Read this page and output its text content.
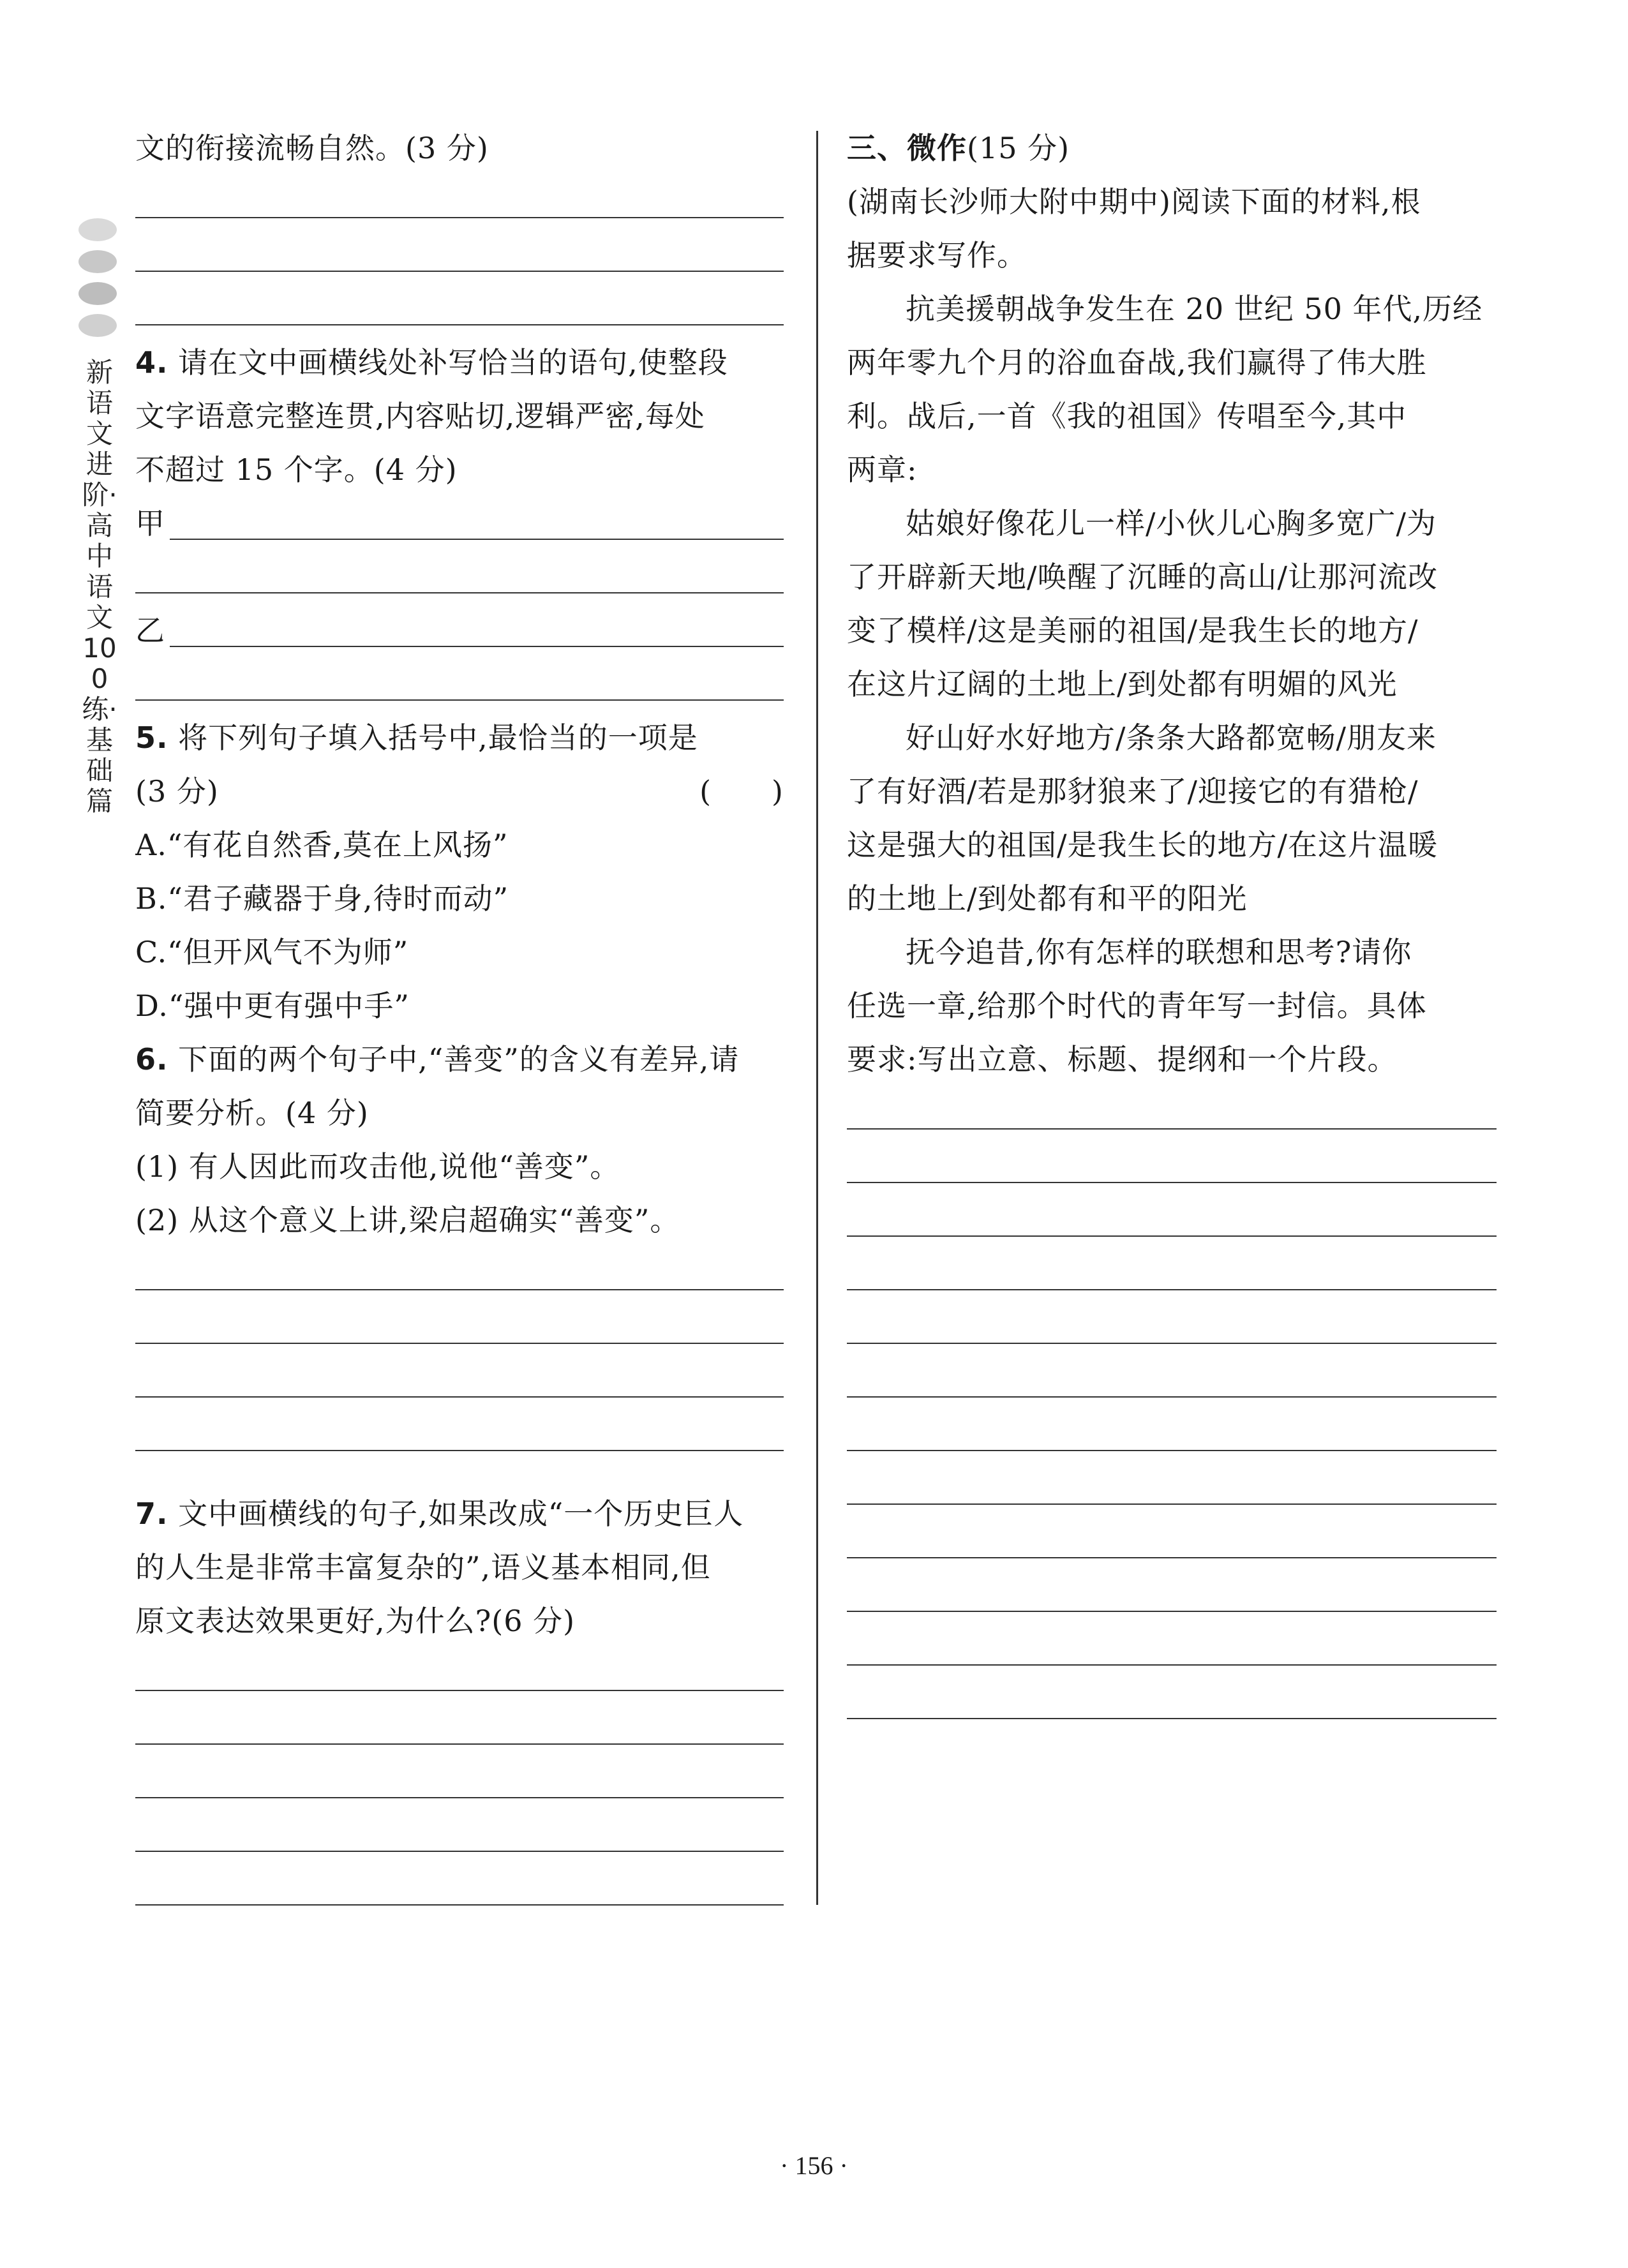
新语文进阶·高中语文100练·基础篇
文的衔接流畅自然。(3 分)
4. 请在文中画横线处补写恰当的语句,使整段
文字语意完整连贯,内容贴切,逻辑严密,每处
不超过 15 个字。(4 分)
甲
乙
5. 将下列句子填入括号中,最恰当的一项是
(3 分)	(　　)
A.“有花自然香,莫在上风扬”
B.“君子藏器于身,待时而动”
C.“但开风气不为师”
D.“强中更有强中手”
6. 下面的两个句子中,“善变”的含义有差异,请
简要分析。(4 分)
(1) 有人因此而攻击他,说他“善变”。
(2) 从这个意义上讲,梁启超确实“善变”。
7. 文中画横线的句子,如果改成“一个历史巨人
的人生是非常丰富复杂的”,语义基本相同,但
原文表达效果更好,为什么?(6 分)
三、微作(15 分)
(湖南长沙师大附中期中)阅读下面的材料,根
据要求写作。
抗美援朝战争发生在 20 世纪 50 年代,历经
两年零九个月的浴血奋战,我们赢得了伟大胜
利。战后,一首《我的祖国》传唱至今,其中
两章:
姑娘好像花儿一样/小伙儿心胸多宽广/为
了开辟新天地/唤醒了沉睡的高山/让那河流改
变了模样/这是美丽的祖国/是我生长的地方/
在这片辽阔的土地上/到处都有明媚的风光
好山好水好地方/条条大路都宽畅/朋友来
了有好酒/若是那豺狼来了/迎接它的有猎枪/
这是强大的祖国/是我生长的地方/在这片温暖
的土地上/到处都有和平的阳光
抚今追昔,你有怎样的联想和思考?请你
任选一章,给那个时代的青年写一封信。具体
要求:写出立意、标题、提纲和一个片段。
· 156 ·
